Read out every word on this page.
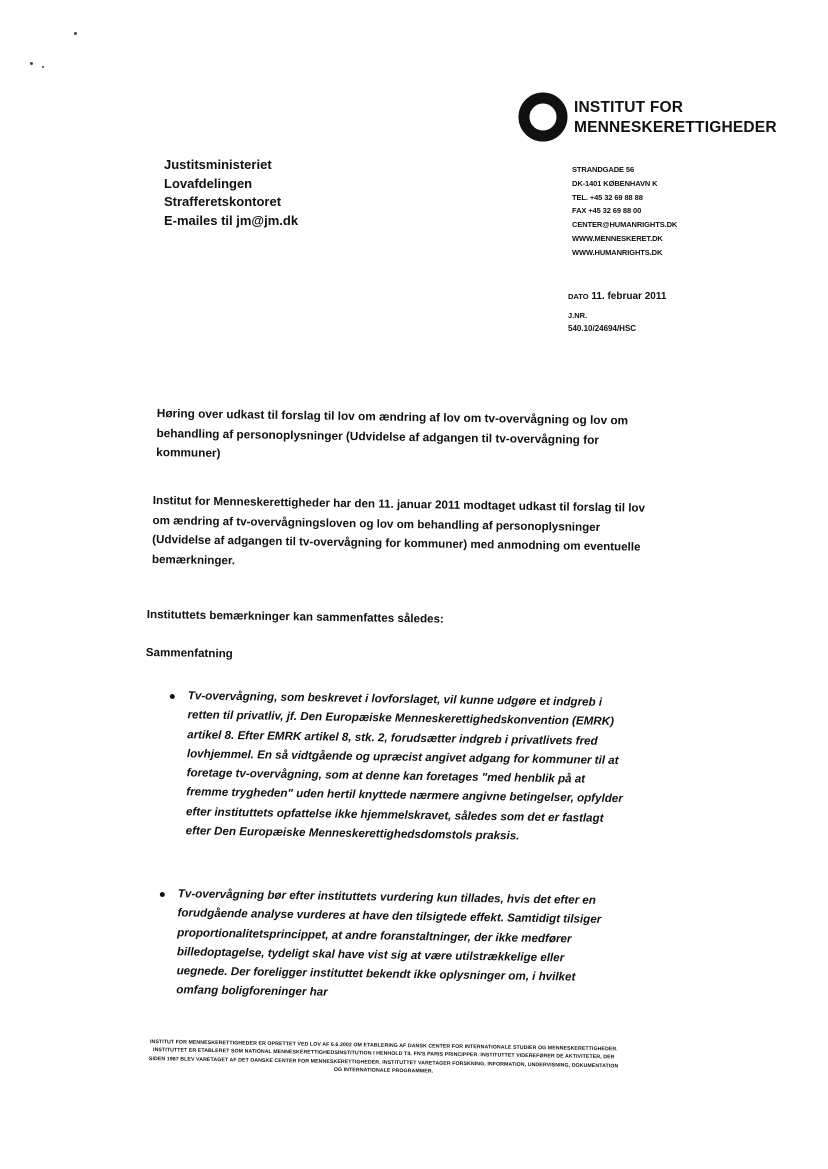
INSTITUT FOR
MENNESKERETTIGHEDER
Justitsministeriet
Lovafdelingen
Strafferetskontoret
E-mailes til jm@jm.dk
STRANDGADE 56
DK-1401 KØBENHAVN K
TEL. +45 32 69 88 88
FAX +45 32 69 88 00
CENTER@HUMANRIGHTS.DK
WWW.MENNESKERET.DK
WWW.HUMANRIGHTS.DK
DATO 11. februar 2011
J.NR.
540.10/24694/HSC
Høring over udkast til forslag til lov om ændring af lov om tv-overvågning og lov om behandling af personoplysninger (Udvidelse af adgangen til tv-overvågning for kommuner)
Institut for Menneskerettigheder har den 11. januar 2011 modtaget udkast til forslag til lov om ændring af tv-overvågningsloven og lov om behandling af personoplysninger (Udvidelse af adgangen til tv-overvågning for kommuner) med anmodning om eventuelle bemærkninger.
Instituttets bemærkninger kan sammenfattes således:
Sammenfatning
Tv-overvågning, som beskrevet i lovforslaget, vil kunne udgøre et indgreb i retten til privatliv, jf. Den Europæiske Menneskerettighedskonvention (EMRK) artikel 8. Efter EMRK artikel 8, stk. 2, forudsætter indgreb i privatlivets fred lovhjemmel. En så vidtgående og upræcist angivet adgang for kommuner til at foretage tv-overvågning, som at denne kan foretages "med henblik på at fremme trygheden" uden hertil knyttede nærmere angivne betingelser, opfylder efter instituttets opfattelse ikke hjemmelskravet, således som det er fastlagt efter Den Europæiske Menneskerettighedsdomstols praksis.
Tv-overvågning bør efter instituttets vurdering kun tillades, hvis det efter en forudgående analyse vurderes at have den tilsigtede effekt. Samtidigt tilsiger proportionalitetsprincippet, at andre foranstaltninger, der ikke medfører billedoptagelse, tydeligt skal have vist sig at være utilstrækkelige eller uegnede. Der foreligger instituttet bekendt ikke oplysninger om, i hvilket omfang boligforeninger har
INSTITUT FOR MENNESKERETTIGHEDER ER OPRETTET VED LOV AF 6.6.2002 OM ETABLERING AF DANSK CENTER FOR INTERNATIONALE STUDIER OG MENNESKERETTIGHEDER. INSTITUTTET ER ETABLERET SOM NATIONAL MENNESKERETTIGHEDSINSTITUTION I HENHOLD TIL FN'S PARIS PRINCIPPER. INSTITUTTET VIDEREFØRER DE AKTIVITETER, DER SIDEN 1987 BLEV VARETAGET AF DET DANSKE CENTER FOR MENNESKERETTIGHEDER. INSTITUTTET VARETAGER FORSKNING, INFORMATION, UNDERVISNING, DOKUMENTATION OG INTERNATIONALE PROGRAMMER.
